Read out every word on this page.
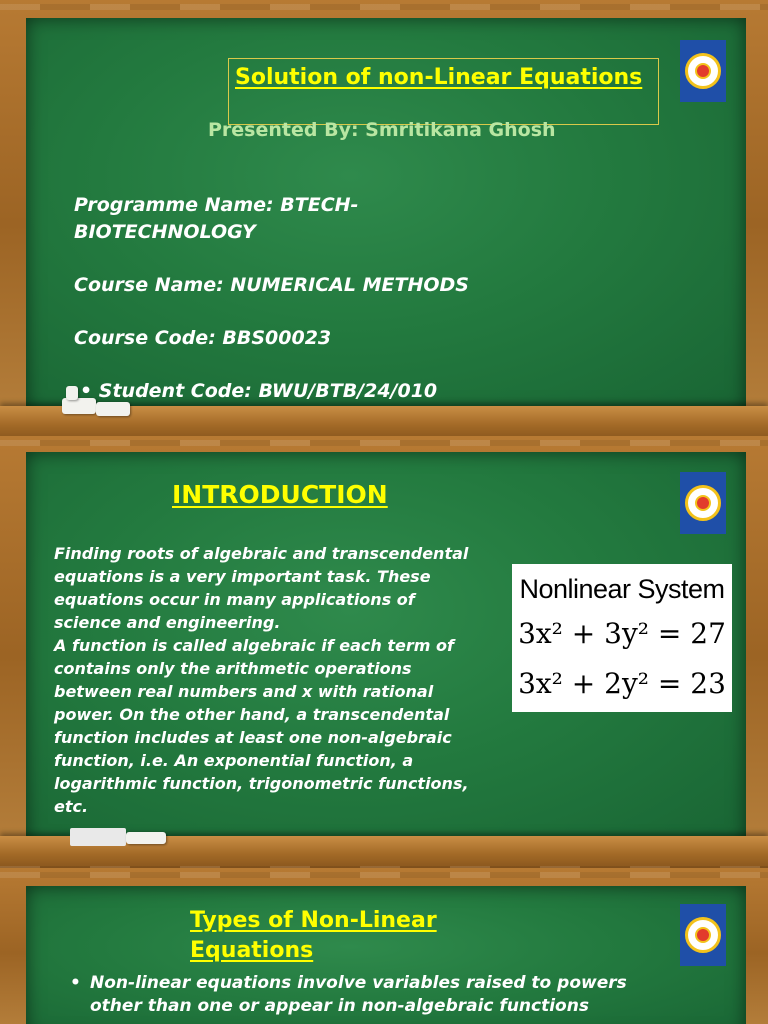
Solution of non-Linear Equations
Presented By: Smritikana Ghosh
Programme Name: BTECH-BIOTECHNOLOGY
Course Name: NUMERICAL METHODS
Course Code: BBS00023
• Student Code: BWU/BTB/24/010
INTRODUCTION
Finding roots of algebraic and transcendental equations is a very important task. These equations occur in many applications of science and engineering.
A function is called algebraic if each term of contains only the arithmetic operations between real numbers and x with rational power. On the other hand, a transcendental function includes at least one non-algebraic function, i.e. An exponential function, a logarithmic function, trigonometric functions, etc.
Nonlinear System
3x² + 3y² = 27
3x² + 2y² = 23
Types of Non-Linear Equations
• Non-linear equations involve variables raised to powers other than one or appear in non-algebraic functions
